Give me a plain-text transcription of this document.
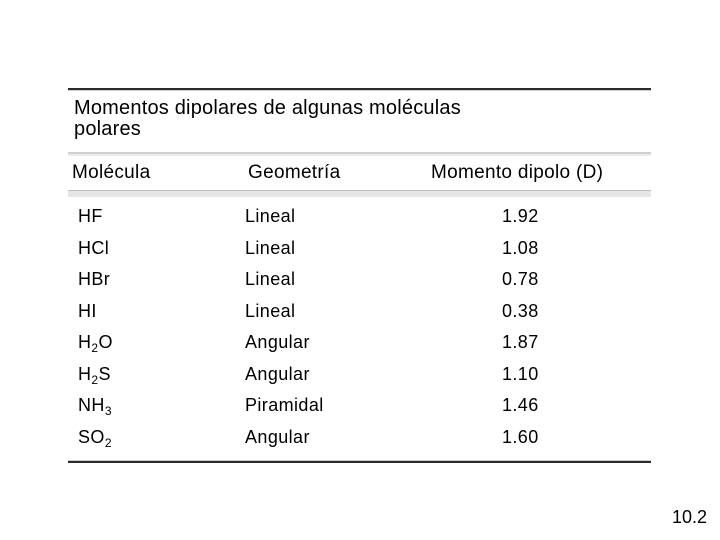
Momentos dipolares de algunas moléculas
polares
Molécula	Geometría	Momento dipolo (D)
HF	Lineal	1.92
HCl	Lineal	1.08
HBr	Lineal	0.78
HI	Lineal	0.38
$H_2O$	Angular	1.87
$H_2S$	Angular	1.10
$NH_3$	Piramidal	1.46
$SO_2$	Angular	1.60
10.2
